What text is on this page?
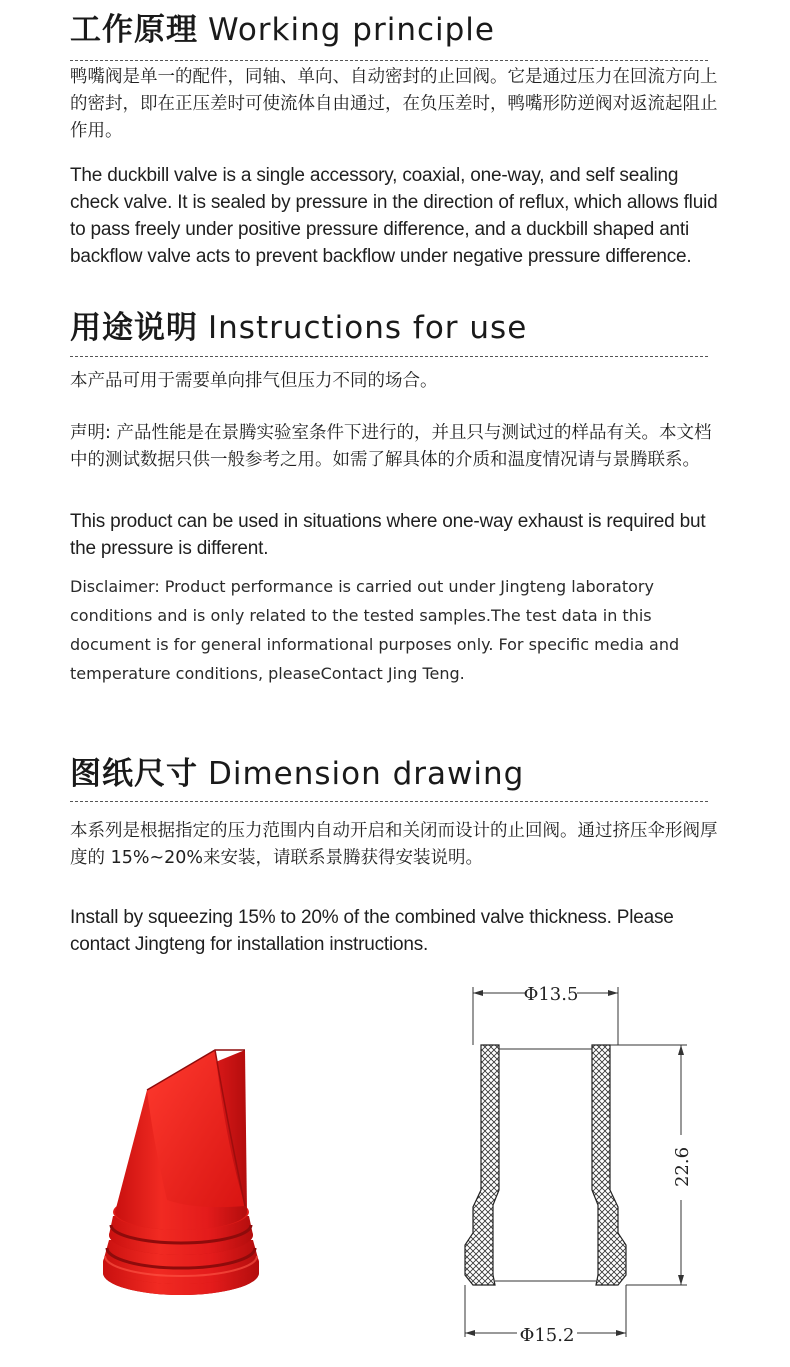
工作原理 Working principle

鸭嘴阀是单一的配件，同轴、单向、自动密封的止回阀。它是通过压力在回流方向上的密封，即在正压差时可使流体自由通过，在负压差时，鸭嘴形防逆阀对返流起阻止作用。

The duckbill valve is a single accessory, coaxial, one-way, and self sealing check valve. It is sealed by pressure in the direction of reflux, which allows fluid to pass freely under positive pressure difference, and a duckbill shaped anti backflow valve acts to prevent backflow under negative pressure difference.

用途说明 Instructions for use

本产品可用于需要单向排气但压力不同的场合。

声明: 产品性能是在景腾实验室条件下进行的，并且只与测试过的样品有关。本文档中的测试数据只供一般参考之用。如需了解具体的介质和温度情况请与景腾联系。

This product can be used in situations where one-way exhaust is required but the pressure is different.

Disclaimer: Product performance is carried out under Jingteng laboratory conditions and is only related to the tested samples.The test data in this document is for general informational purposes only. For specific media and temperature conditions, pleaseContact Jing Teng.

图纸尺寸 Dimension drawing

本系列是根据指定的压力范围内自动开启和关闭而设计的止回阀。通过挤压伞形阀厚度的 15%~20%来安装，请联系景腾获得安装说明。

Install by squeezing 15% to 20% of the combined valve thickness. Please contact Jingteng for installation instructions.

Φ13.5
22.6
Φ15.2
